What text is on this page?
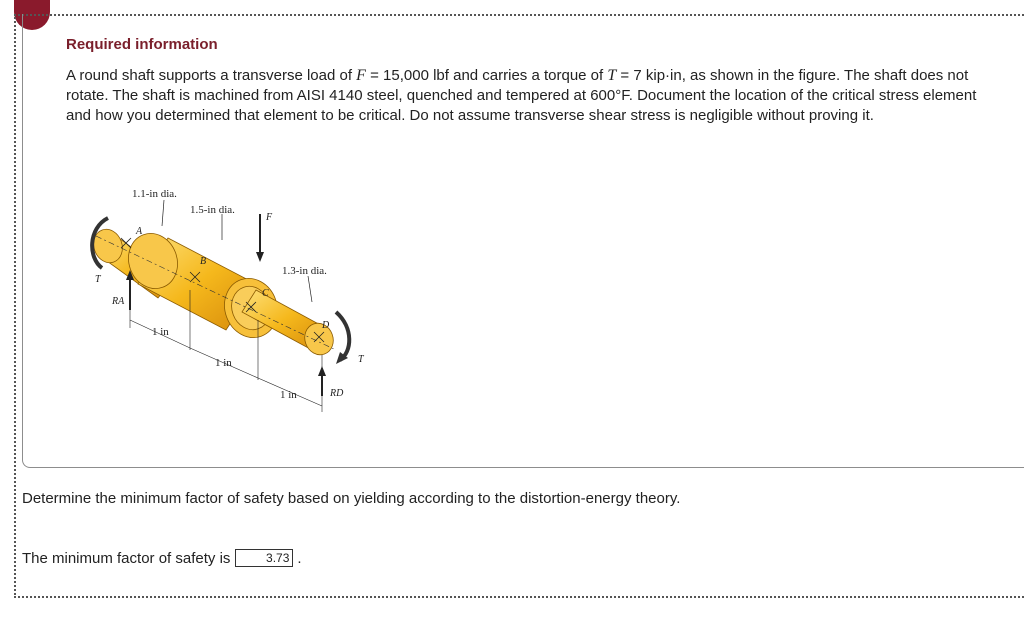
Required information
A round shaft supports a transverse load of F = 15,000 lbf and carries a torque of T = 7 kip·in, as shown in the figure. The shaft does not rotate. The shaft is machined from AISI 4140 steel, quenched and tempered at 600°F. Document the location of the critical stress element and how you determined that element to be critical. Do not assume transverse shear stress is negligible without proving it.
1.1-in dia.
1.5-in dia.
1.3-in dia.
F
T
T
RA
RD
A
B
C
D
1 in
1 in
1 in
Determine the minimum factor of safety based on yielding according to the distortion-energy theory.
The minimum factor of safety is	3.73 .
